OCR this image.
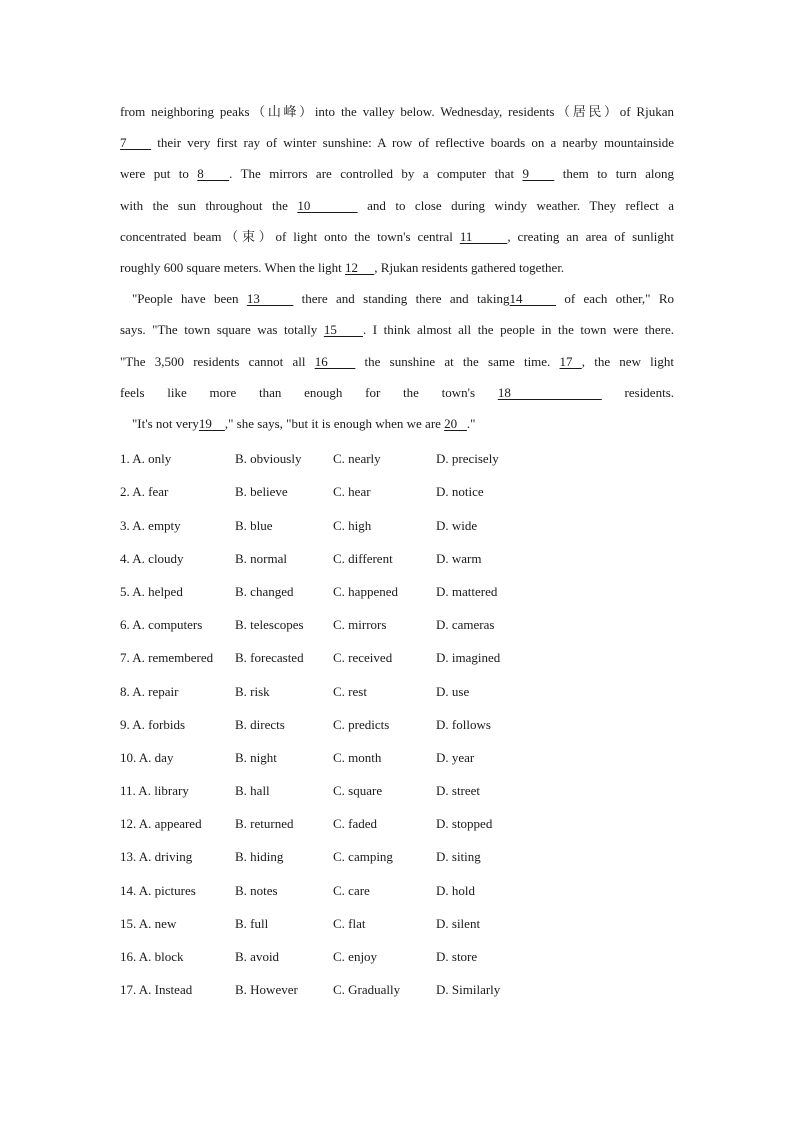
from neighboring peaks（山峰）into the valley below. Wednesday, residents（居民）of Rjukan
7     their very first ray of winter sunshine: A row of reflective boards on a nearby mountainside
were put to 8   . The mirrors are controlled by a computer that 9    them to turn along
with the sun throughout the 10      and to close during windy weather. They reflect a
concentrated beam（束）of light onto the town's central 11     , creating an area of sunlight
roughly 600 square meters. When the light 12     , Rjukan residents gathered together.
"People have been 13     there and standing there and taking14     of each other," Ro
says. "The town square was totally 15    . I think almost all the people in the town were there.
"The 3,500 residents cannot all 16    the sunshine at the same time. 17 , the new light
feels like more than enough for the town's 18     residents.
"It's not very19    ," she says, "but it is enough when we are 20   ."
1. A. only	B. obviously C. nearly	D. precisely
2. A. fear	B. believe	C. hear	D. notice
3. A. empty	B. blue	C. high	D. wide
4. A. cloudy	B. normal	C. different	D. warm
5. A. helped	B. changed	C. happened	D. mattered
6. A. computers	B. telescopes C. mirrors	D. cameras
7. A. remembered B. forecasted C. received	D. imagined
8. A. repair	B. risk	C. rest	D. use
9. A. forbids	B. directs	C. predicts	D. follows
10. A. day	B. night	C. month	D. year
11. A. library	B. hall	C. square	D. street
12. A. appeared	B. returned	C. faded	D. stopped
13. A. driving	B. hiding	C. camping	D. siting
14. A. pictures	B. notes	C. care	D. hold
15. A. new	B. full	C. flat	D. silent
16. A. block	B. avoid	C. enjoy	D. store
17. A. Instead	B. However	C. Gradually	D. Similarly
